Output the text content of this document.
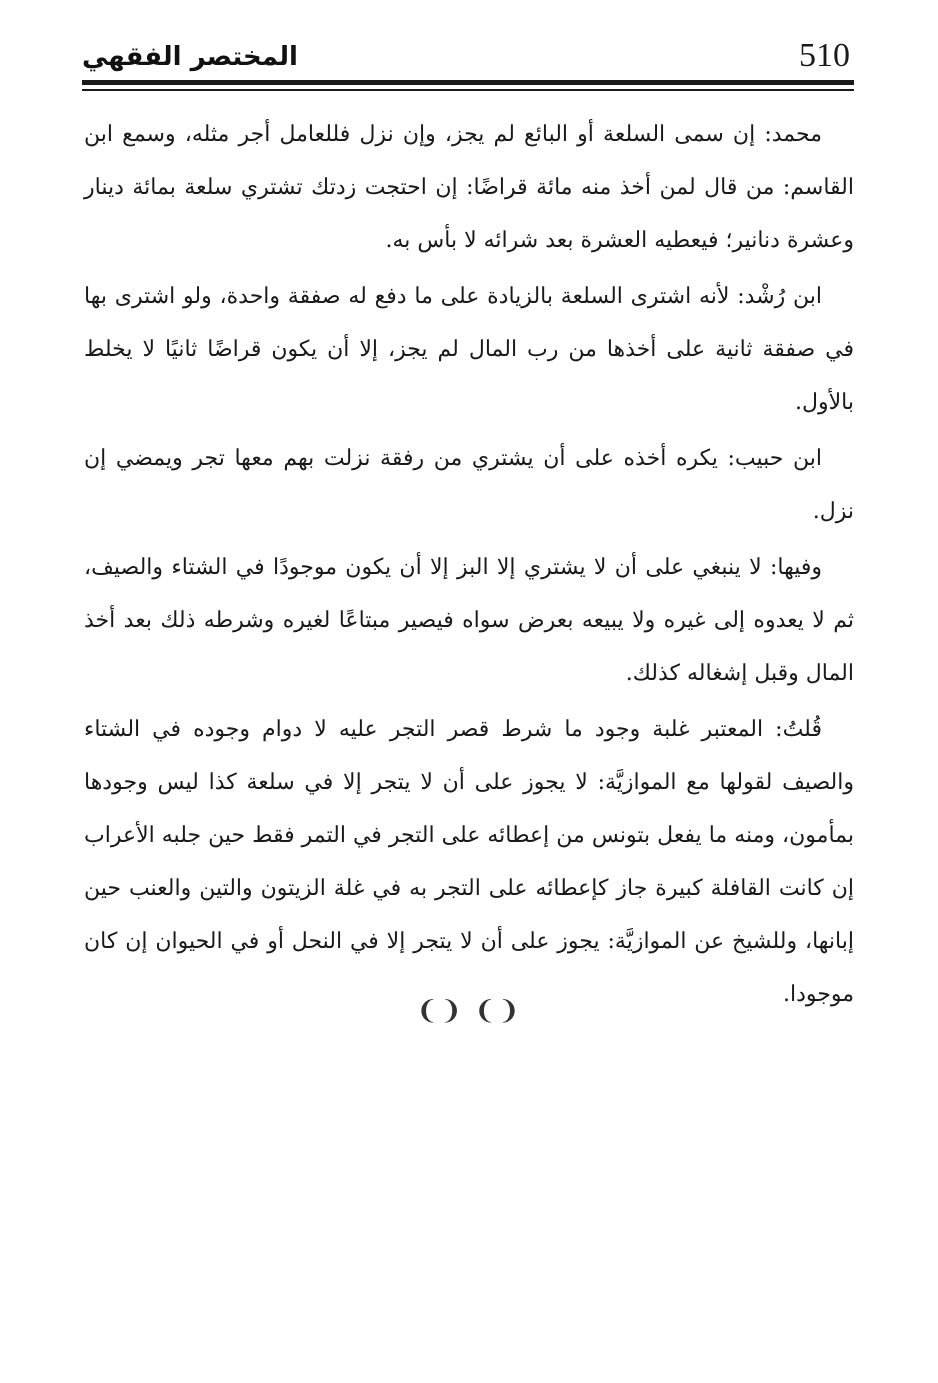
510
المختصر الفقهي

محمد: إن سمى السلعة أو البائع لم يجز، وإن نزل فللعامل أجر مثله، وسمع ابن القاسم: من قال لمن أخذ منه مائة قراضًا: إن احتجت زدتك تشتري سلعة بمائة دينار وعشرة دنانير؛ فيعطيه العشرة بعد شرائه لا بأس به.

ابن رُشْد: لأنه اشترى السلعة بالزيادة على ما دفع له صفقة واحدة، ولو اشترى بها في صفقة ثانية على أخذها من رب المال لم يجز، إلا أن يكون قراضًا ثانيًا لا يخلط بالأول.

ابن حبيب: يكره أخذه على أن يشتري من رفقة نزلت بهم معها تجر ويمضي إن نزل.

وفيها: لا ينبغي على أن لا يشتري إلا البز إلا أن يكون موجودًا في الشتاء والصيف، ثم لا يعدوه إلى غيره ولا يبيعه بعرض سواه فيصير مبتاعًا لغيره وشرطه ذلك بعد أخذ المال وقبل إشغاله كذلك.

قُلتُ: المعتبر غلبة وجود ما شرط قصر التجر عليه لا دوام وجوده في الشتاء والصيف لقولها مع الموازيَّة: لا يجوز على أن لا يتجر إلا في سلعة كذا ليس وجودها بمأمون، ومنه ما يفعل بتونس من إعطائه على التجر في التمر فقط حين جلبه الأعراب إن كانت القافلة كبيرة جاز كإعطائه على التجر به في غلة الزيتون والتين والعنب حين إبانها، وللشيخ عن الموازيَّة: يجوز على أن لا يتجر إلا في النحل أو في الحيوان إن كان موجودا.

❨❩ ❨❩
